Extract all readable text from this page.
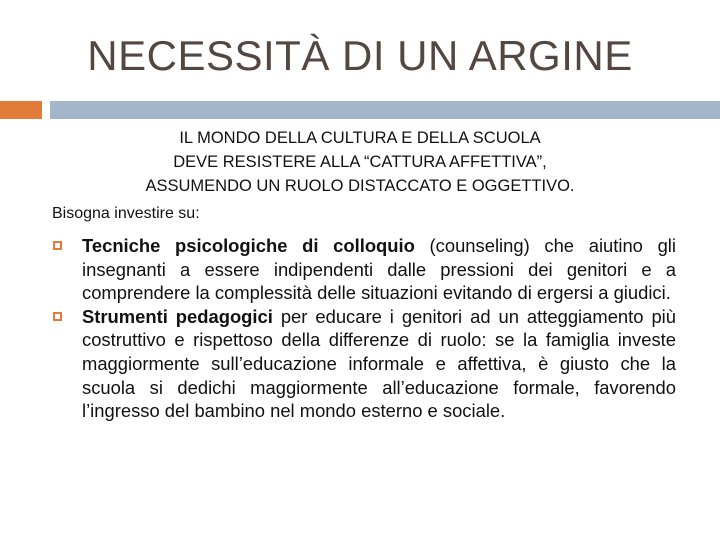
NECESSITÀ DI UN ARGINE
IL MONDO DELLA CULTURA E DELLA SCUOLA
DEVE RESISTERE ALLA “CATTURA AFFETTIVA”,
ASSUMENDO UN RUOLO DISTACCATO E OGGETTIVO.
Bisogna investire su:
Tecniche psicologiche di colloquio (counseling) che aiutino gli insegnanti a essere indipendenti dalle pressioni dei genitori e a comprendere la complessità delle situazioni evitando di ergersi a giudici.
Strumenti pedagogici per educare i genitori ad un atteggiamento più costruttivo e rispettoso della differenze di ruolo: se la famiglia investe maggiormente sull’educazione informale e affettiva, è giusto che la scuola si dedichi maggiormente all’educazione formale, favorendo l’ingresso del bambino nel mondo esterno e sociale.
